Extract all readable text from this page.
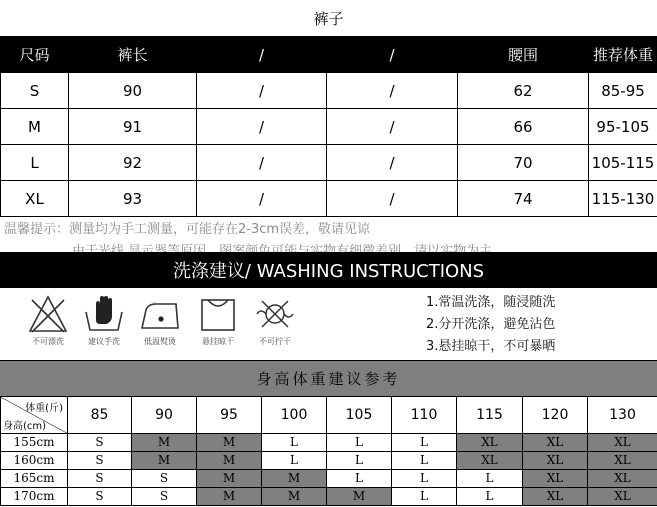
裤子
尺码	裤长	/	/	腰围	推荐体重
S	90	/	/	62	85-95
M	91	/	/	66	95-105
L	92	/	/	70	105-115
XL	93	/	/	74	115-130
温馨提示：测量均为手工测量，可能存在2-3cm误差，敬请见谅
洗涤建议/ WASHING INSTRUCTIONS
✦
不可漂洗	建议手洗	低温熨烫	悬挂晾干	不可拧干
1.常温洗涤，随浸随洗
2.分开洗涤，避免沾色
3.悬挂晾干，不可暴晒
身高体重建议参考
体重(斤)
身高(cm)	85	90	95	100	105	110	115	120	130
155cm	S	M	M	L	L	L	XL	XL	XL
160cm	S	M	M	L	L	L	XL	XL	XL
165cm	S	S	M	M	L	L	L	XL	XL
170cm	S	S	M	M	M	L	L	XL	XL
